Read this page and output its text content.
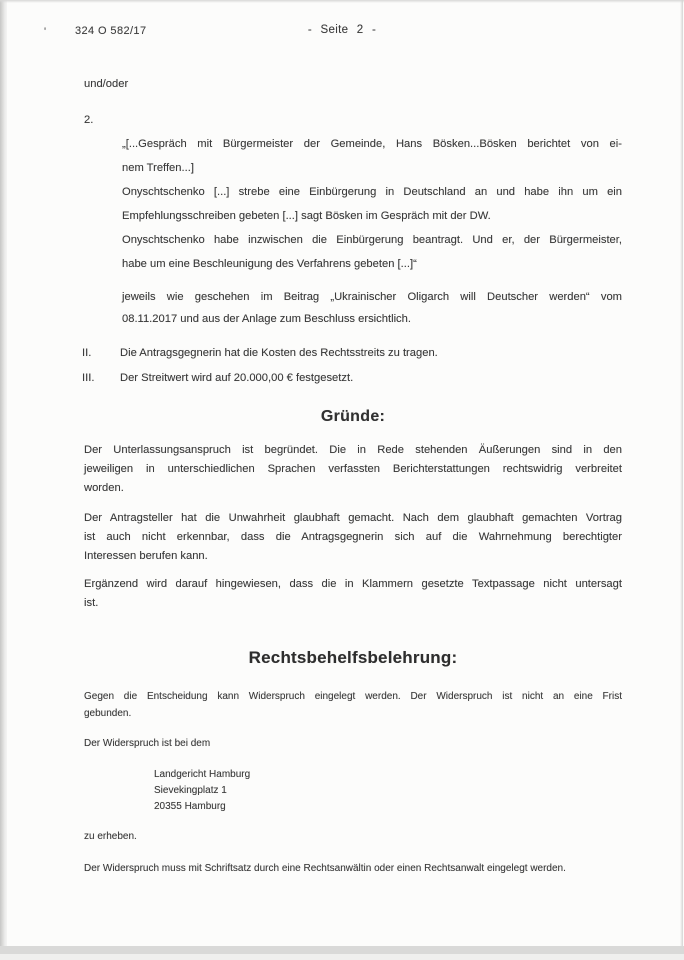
'	324 O 582/17	- Seite 2 -
und/oder
2.
„[...Gespräch mit Bürgermeister der Gemeinde, Hans Bösken...Bösken berichtet von ei-
nem Treffen...]
Onyschtschenko [...] strebe eine Einbürgerung in Deutschland an und habe ihn um ein
Empfehlungsschreiben gebeten [...] sagt Bösken im Gespräch mit der DW.
Onyschtschenko habe inzwischen die Einbürgerung beantragt. Und er, der Bürgermeister,
habe um eine Beschleunigung des Verfahrens gebeten [...]“
jeweils wie geschehen im Beitrag „Ukrainischer Oligarch will Deutscher werden“ vom
08.11.2017 und aus der Anlage zum Beschluss ersichtlich.
II.	Die Antragsgegnerin hat die Kosten des Rechtsstreits zu tragen.
III.	Der Streitwert wird auf 20.000,00 € festgesetzt.
Gründe:
Der Unterlassungsanspruch ist begründet. Die in Rede stehenden Äußerungen sind in den
jeweiligen in unterschiedlichen Sprachen verfassten Berichterstattungen rechtswidrig verbreitet
worden.
Der Antragsteller hat die Unwahrheit glaubhaft gemacht. Nach dem glaubhaft gemachten Vortrag
ist auch nicht erkennbar, dass die Antragsgegnerin sich auf die Wahrnehmung berechtigter
Interessen berufen kann.
Ergänzend wird darauf hingewiesen, dass die in Klammern gesetzte Textpassage nicht untersagt
ist.
Rechtsbehelfsbelehrung:
Gegen die Entscheidung kann Widerspruch eingelegt werden. Der Widerspruch ist nicht an eine Frist
gebunden.
Der Widerspruch ist bei dem
Landgericht Hamburg
Sievekingplatz 1
20355 Hamburg
zu erheben.
Der Widerspruch muss mit Schriftsatz durch eine Rechtsanwältin oder einen Rechtsanwalt eingelegt werden.
